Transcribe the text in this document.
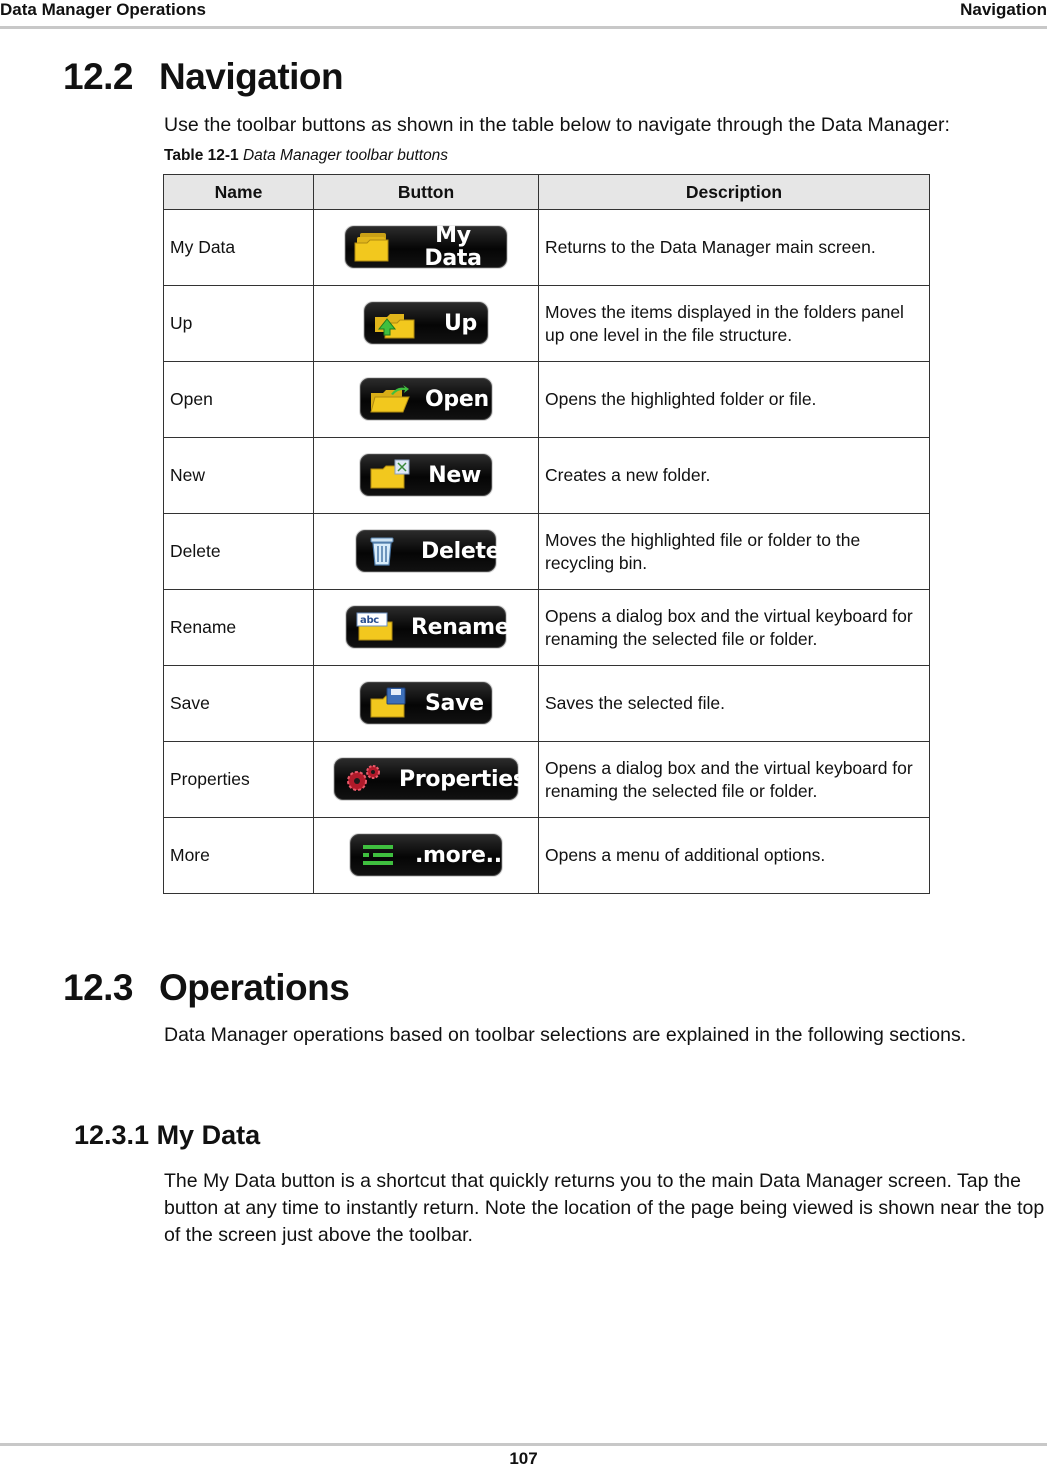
Data Manager Operations	Navigation
12.2 Navigation

Use the toolbar buttons as shown in the table below to navigate through the Data Manager:

Table 12-1 Data Manager toolbar buttons
Name	Button	Description
My Data	My Data	Returns to the Data Manager main screen.
Up	Up	Moves the items displayed in the folders panel up one level in the file structure.
Open	Open	Opens the highlighted folder or file.
New	New	Creates a new folder.
Delete	Delete	Moves the highlighted file or folder to the recycling bin.
Rename	abc Rename	Opens a dialog box and the virtual keyboard for renaming the selected file or folder.
Save	Save	Saves the selected file.
Properties	Properties	Opens a dialog box and the virtual keyboard for renaming the selected file or folder.
More	.more...	Opens a menu of additional options.
12.3 Operations

Data Manager operations based on toolbar selections are explained in the following sections.

12.3.1 My Data

The My Data button is a shortcut that quickly returns you to the main Data Manager screen. Tap the button at any time to instantly return. Note the location of the page being viewed is shown near the top of the screen just above the toolbar.

107
